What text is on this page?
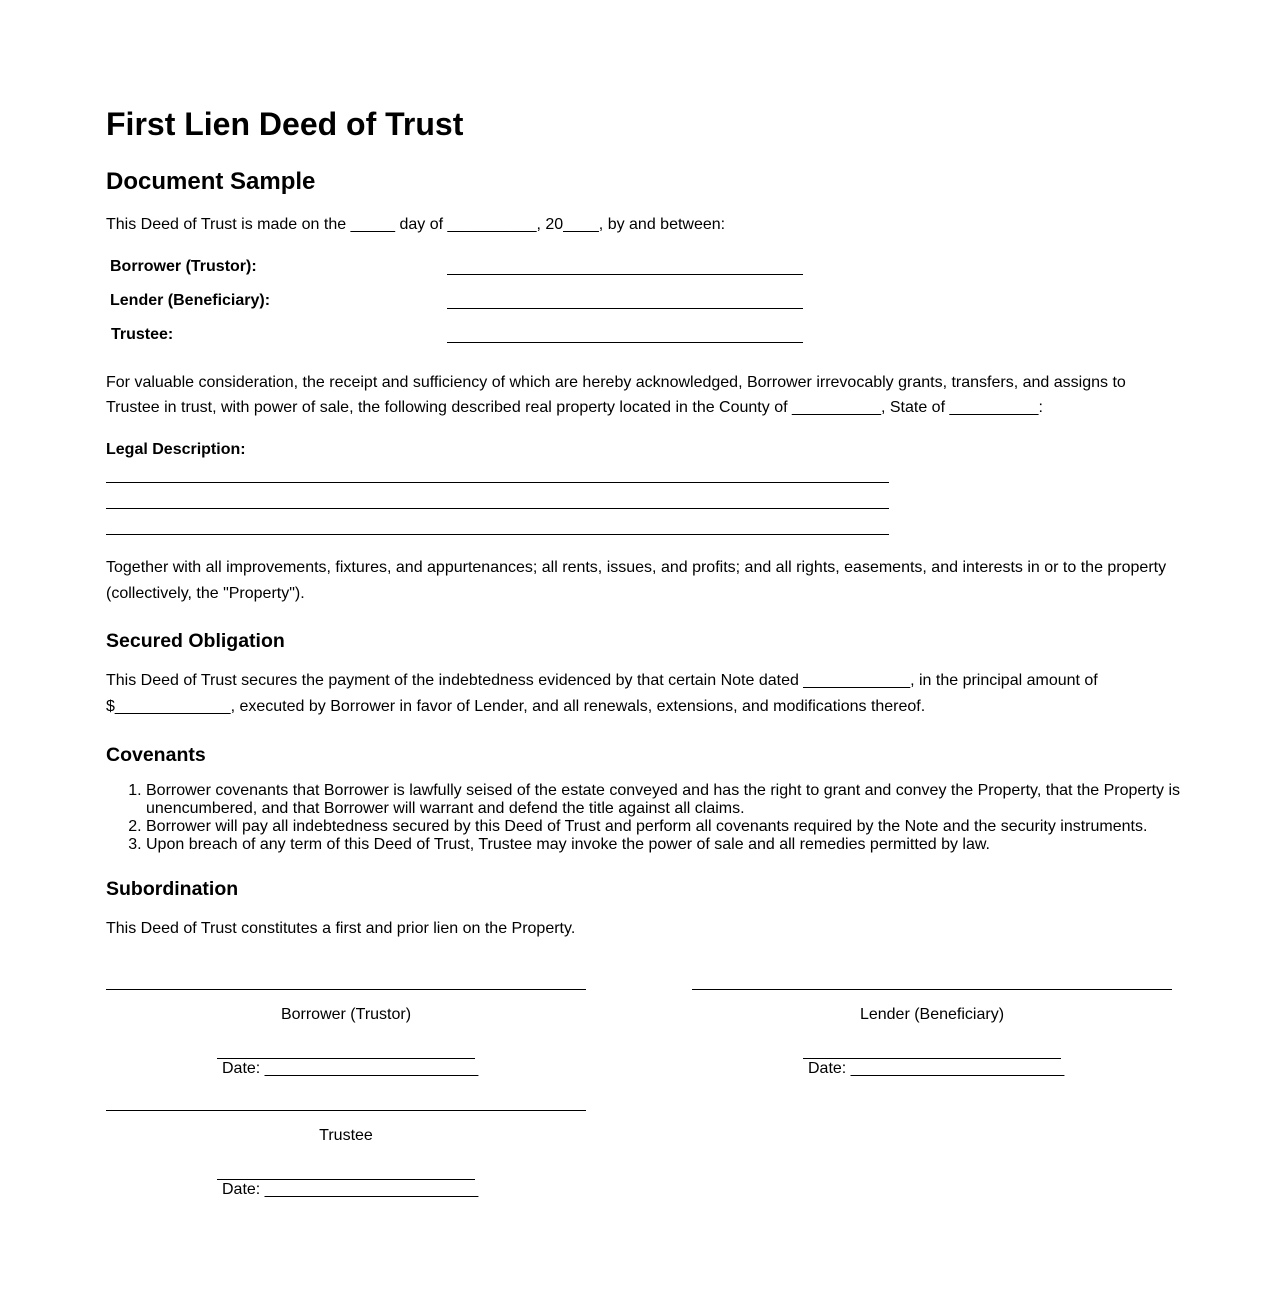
First Lien Deed of Trust
Document Sample
This Deed of Trust is made on the _____ day of __________, 20____, by and between:
Borrower (Trustor):
Lender (Beneficiary):
Trustee:
For valuable consideration, the receipt and sufficiency of which are hereby acknowledged, Borrower irrevocably grants, transfers, and assigns to
Trustee in trust, with power of sale, the following described real property located in the County of __________, State of __________:
Legal Description:
Together with all improvements, fixtures, and appurtenances; all rents, issues, and profits; and all rights, easements, and interests in or to the property
(collectively, the "Property").
Secured Obligation
This Deed of Trust secures the payment of the indebtedness evidenced by that certain Note dated ____________, in the principal amount of
$_____________, executed by Borrower in favor of Lender, and all renewals, extensions, and modifications thereof.
Covenants
1. Borrower covenants that Borrower is lawfully seised of the estate conveyed and has the right to grant and convey the Property, that the Property is unencumbered, and that Borrower will warrant and defend the title against all claims.
2. Borrower will pay all indebtedness secured by this Deed of Trust and perform all covenants required by the Note and the security instruments.
3. Upon breach of any term of this Deed of Trust, Trustee may invoke the power of sale and all remedies permitted by law.
Subordination
This Deed of Trust constitutes a first and prior lien on the Property.
Borrower (Trustor)
Date: ________________________
Lender (Beneficiary)
Date: ________________________
Trustee
Date: ________________________
